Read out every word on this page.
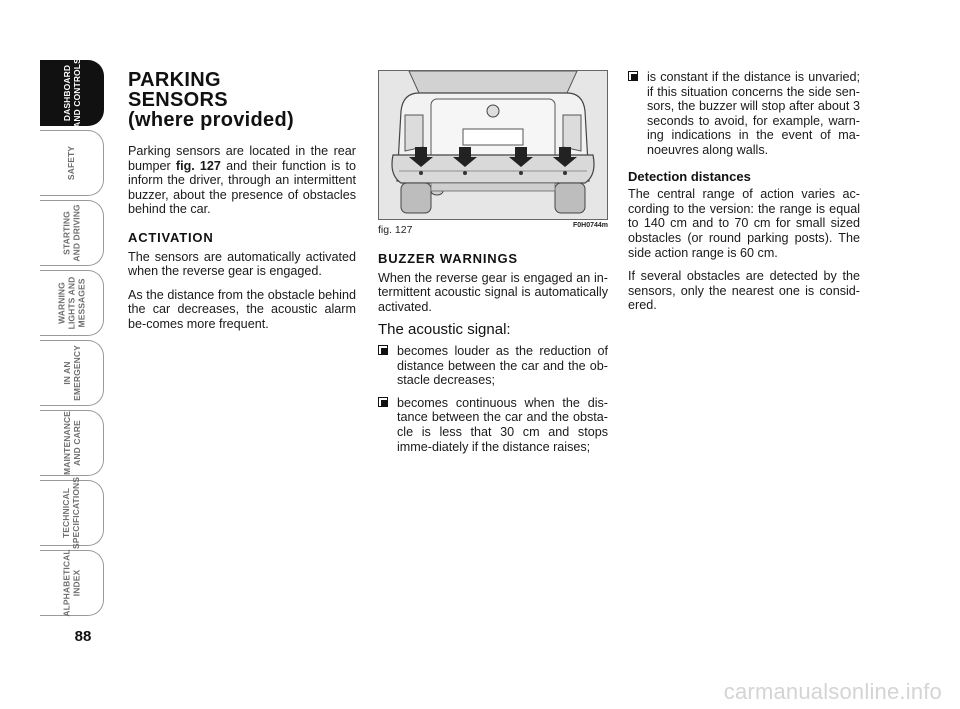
DASHBOARD
AND CONTROLS
SAFETY
STARTING
AND DRIVING
WARNING
LIGHTS AND
MESSAGES
IN AN
EMERGENCY
MAINTENANCE
AND CARE
TECHNICAL
SPECIFICATIONS
ALPHABETICAL
INDEX
88
PARKING
SENSORS
(where provided)

Parking sensors are located in the rear bumper fig. 127 and their function is to inform the driver, through an intermittent buzzer, about the presence of obstacles behind the car.

ACTIVATION

The sensors are automatically activated when the reverse gear is engaged.

As the distance from the obstacle behind the car decreases, the acoustic alarm be-comes more frequent.

fig. 127	F0H0744m
BUZZER WARNINGS

When the reverse gear is engaged an in-termittent acoustic signal is automatically activated.

The acoustic signal:
becomes louder as the reduction of distance between the car and the ob-stacle decreases;
becomes continuous when the dis-tance between the car and the obsta-cle is less that 30 cm and stops imme-diately if the distance raises;
is constant if the distance is unvaried; if this situation concerns the side sen-sors, the buzzer will stop after about 3 seconds to avoid, for example, warn-ing indications in the event of ma-noeuvres along walls.
Detection distances

The central range of action varies ac-cording to the version: the range is equal to 140 cm and to 70 cm for small sized obstacles (or round parking posts). The side action range is 60 cm.

If several obstacles are detected by the sensors, only the nearest one is consid-ered.

carmanualsonline.info
